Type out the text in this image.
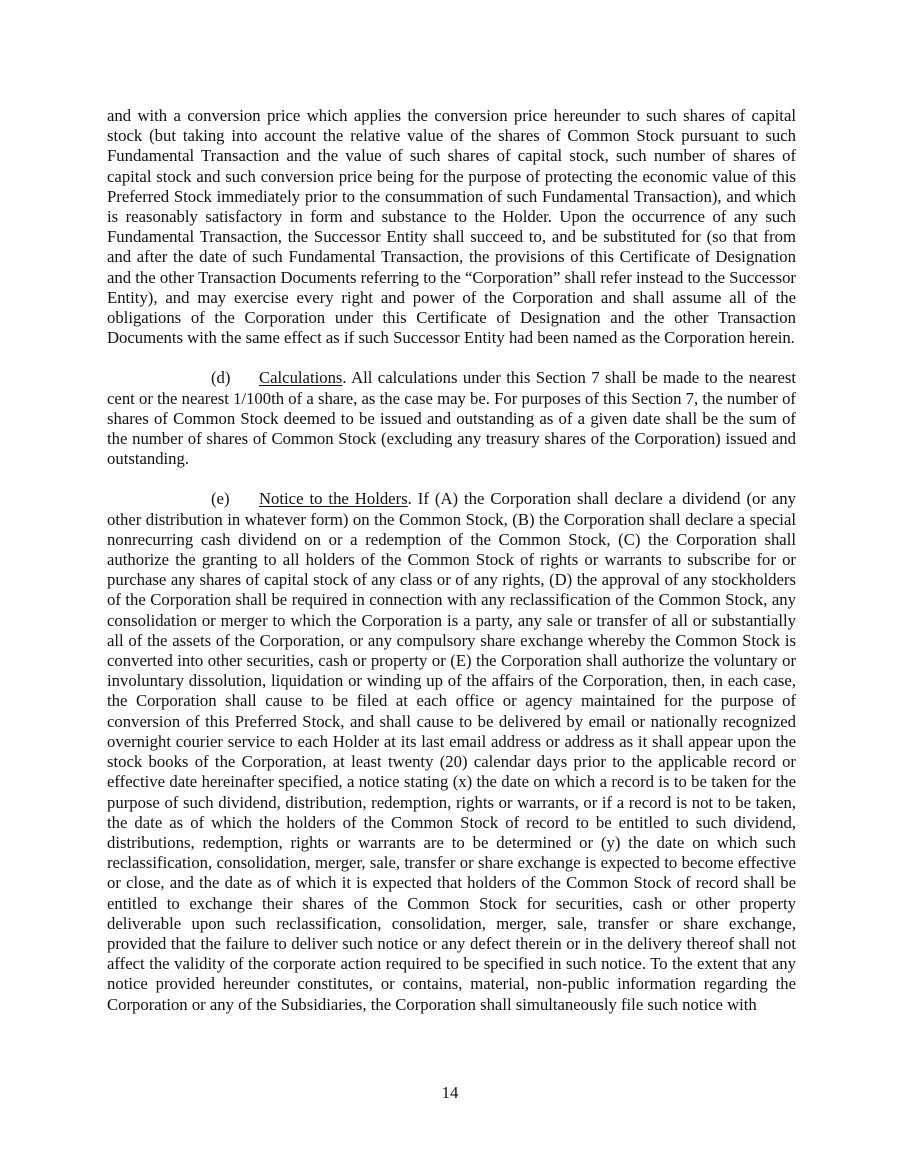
and with a conversion price which applies the conversion price hereunder to such shares of capital stock (but taking into account the relative value of the shares of Common Stock pursuant to such Fundamental Transaction and the value of such shares of capital stock, such number of shares of capital stock and such conversion price being for the purpose of protecting the economic value of this Preferred Stock immediately prior to the consummation of such Fundamental Transaction), and which is reasonably satisfactory in form and substance to the Holder. Upon the occurrence of any such Fundamental Transaction, the Successor Entity shall succeed to, and be substituted for (so that from and after the date of such Fundamental Transaction, the provisions of this Certificate of Designation and the other Transaction Documents referring to the “Corporation” shall refer instead to the Successor Entity), and may exercise every right and power of the Corporation and shall assume all of the obligations of the Corporation under this Certificate of Designation and the other Transaction Documents with the same effect as if such Successor Entity had been named as the Corporation herein.

(d) Calculations. All calculations under this Section 7 shall be made to the nearest cent or the nearest 1/100th of a share, as the case may be. For purposes of this Section 7, the number of shares of Common Stock deemed to be issued and outstanding as of a given date shall be the sum of the number of shares of Common Stock (excluding any treasury shares of the Corporation) issued and outstanding.

(e) Notice to the Holders. If (A) the Corporation shall declare a dividend (or any other distribution in whatever form) on the Common Stock, (B) the Corporation shall declare a special nonrecurring cash dividend on or a redemption of the Common Stock, (C) the Corporation shall authorize the granting to all holders of the Common Stock of rights or warrants to subscribe for or purchase any shares of capital stock of any class or of any rights, (D) the approval of any stockholders of the Corporation shall be required in connection with any reclassification of the Common Stock, any consolidation or merger to which the Corporation is a party, any sale or transfer of all or substantially all of the assets of the Corporation, or any compulsory share exchange whereby the Common Stock is converted into other securities, cash or property or (E) the Corporation shall authorize the voluntary or involuntary dissolution, liquidation or winding up of the affairs of the Corporation, then, in each case, the Corporation shall cause to be filed at each office or agency maintained for the purpose of conversion of this Preferred Stock, and shall cause to be delivered by email or nationally recognized overnight courier service to each Holder at its last email address or address as it shall appear upon the stock books of the Corporation, at least twenty (20) calendar days prior to the applicable record or effective date hereinafter specified, a notice stating (x) the date on which a record is to be taken for the purpose of such dividend, distribution, redemption, rights or warrants, or if a record is not to be taken, the date as of which the holders of the Common Stock of record to be entitled to such dividend, distributions, redemption, rights or warrants are to be determined or (y) the date on which such reclassification, consolidation, merger, sale, transfer or share exchange is expected to become effective or close, and the date as of which it is expected that holders of the Common Stock of record shall be entitled to exchange their shares of the Common Stock for securities, cash or other property deliverable upon such reclassification, consolidation, merger, sale, transfer or share exchange, provided that the failure to deliver such notice or any defect therein or in the delivery thereof shall not affect the validity of the corporate action required to be specified in such notice. To the extent that any notice provided hereunder constitutes, or contains, material, non-public information regarding the Corporation or any of the Subsidiaries, the Corporation shall simultaneously file such notice with

14
